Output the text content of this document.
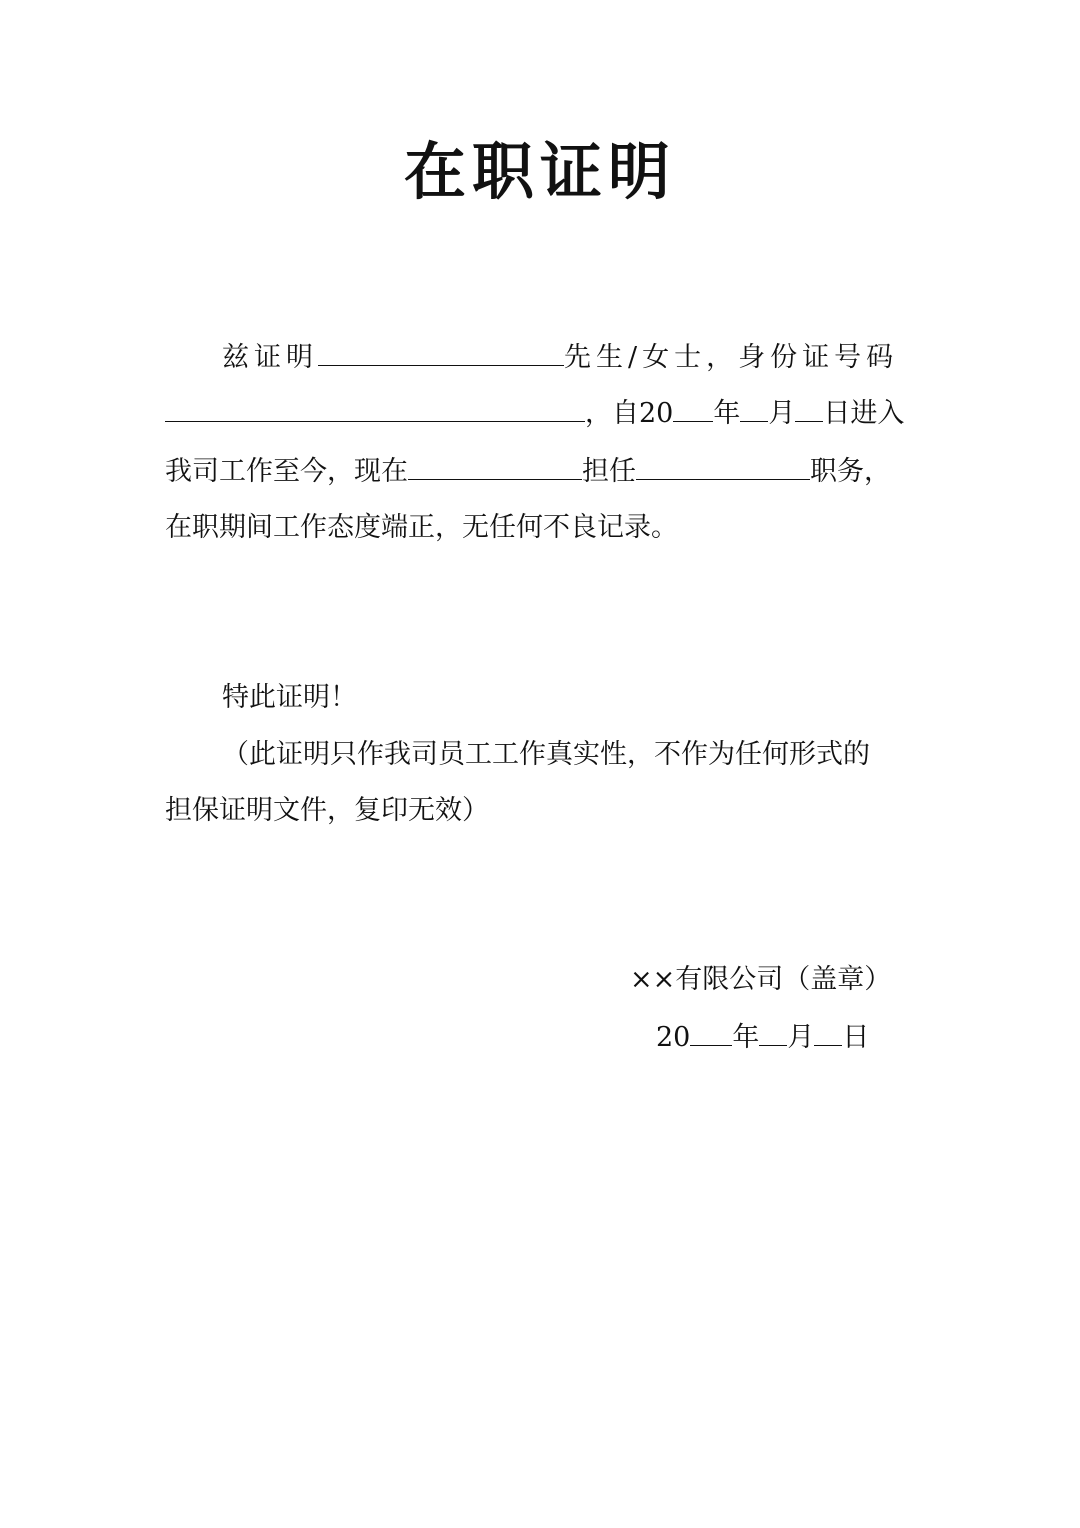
在职证明
兹证明	先生/女士，身份证号码
，自20 年 月 日进入
我司工作至今，现在	担任	职务，
在职期间工作态度端正，无任何不良记录。
特此证明！
（此证明只作我司员工工作真实性，不作为任何形式的
担保证明文件，复印无效）
××有限公司（盖章）
20 年 月 日
